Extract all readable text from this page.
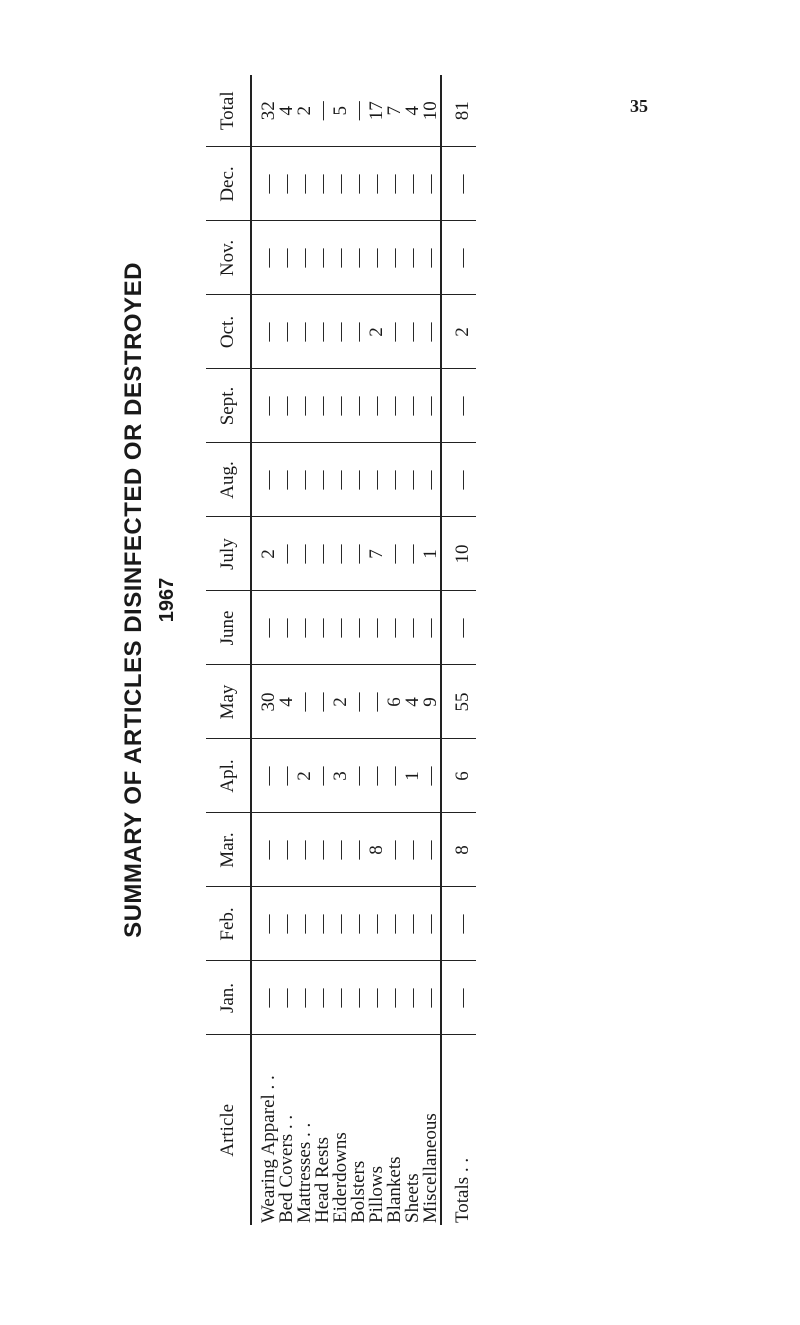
35
SUMMARY OF ARTICLES DISINFECTED OR DESTROYED 1967
Article	Jan.	Feb.	Mar.	Apl.	May	June	July	Aug.	Sept.	Oct.	Nov.	Dec.	Total
Wearing Apparel . .	—	—	—	—	30	—	2	—	—	—	—	—	32
Bed Covers . .	—	—	—	—	4	—	—	—	—	—	—	—	4
Mattresses . .	—	—	—	2	—	—	—	—	—	—	—	—	2
Head Rests	—	—	—	—	—	—	—	—	—	—	—	—	—
Eiderdowns	—	—	—	3	2	—	—	—	—	—	—	—	5
Bolsters	—	—	—	—	—	—	—	—	—	—	—	—	—
Pillows	—	—	8	—	—	—	7	—	—	2	—	—	17
Blankets	—	—	—	—	6	—	—	—	—	—	—	—	7
Sheets	—	—	—	1	4	—	—	—	—	—	—	—	4
Miscellaneous	—	—	—	—	9	—	1	—	—	—	—	—	10
Totals . .	—	—	8	6	55	—	10	—	—	2	—	—	81
